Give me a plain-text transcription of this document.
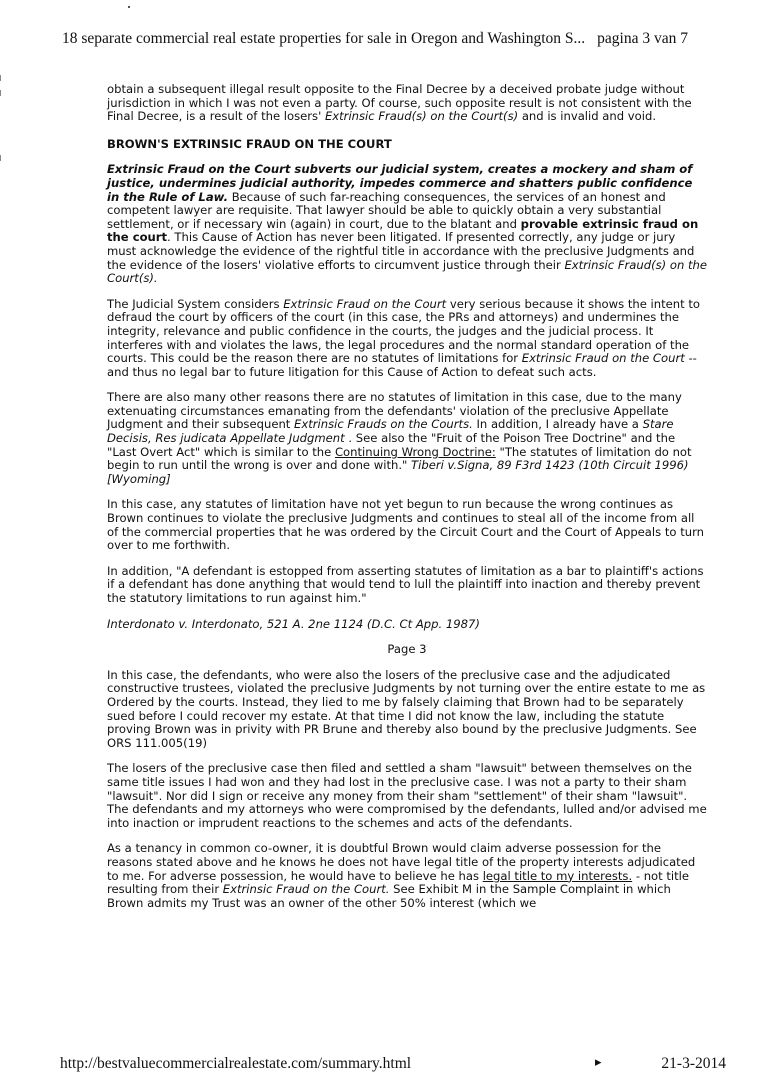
18 separate commercial real estate properties for sale in Oregon and Washington S... pagina 3 van 7

obtain a subsequent illegal result opposite to the Final Decree by a deceived probate judge without jurisdiction in which I was not even a party. Of course, such opposite result is not consistent with the Final Decree, is a result of the losers' Extrinsic Fraud(s) on the Court(s) and is invalid and void.

BROWN'S EXTRINSIC FRAUD ON THE COURT

Extrinsic Fraud on the Court subverts our judicial system, creates a mockery and sham of justice, undermines judicial authority, impedes commerce and shatters public confidence in the Rule of Law. Because of such far-reaching consequences, the services of an honest and competent lawyer are requisite. That lawyer should be able to quickly obtain a very substantial settlement, or if necessary win (again) in court, due to the blatant and provable extrinsic fraud on the court. This Cause of Action has never been litigated. If presented correctly, any judge or jury must acknowledge the evidence of the rightful title in accordance with the preclusive Judgments and the evidence of the losers' violative efforts to circumvent justice through their Extrinsic Fraud(s) on the Court(s).

The Judicial System considers Extrinsic Fraud on the Court very serious because it shows the intent to defraud the court by officers of the court (in this case, the PRs and attorneys) and undermines the integrity, relevance and public confidence in the courts, the judges and the judicial process. It interferes with and violates the laws, the legal procedures and the normal standard operation of the courts. This could be the reason there are no statutes of limitations for Extrinsic Fraud on the Court -- and thus no legal bar to future litigation for this Cause of Action to defeat such acts.

There are also many other reasons there are no statutes of limitation in this case, due to the many extenuating circumstances emanating from the defendants' violation of the preclusive Appellate Judgment and their subsequent Extrinsic Frauds on the Courts. In addition, I already have a Stare Decisis, Res judicata Appellate Judgment . See also the "Fruit of the Poison Tree Doctrine" and the "Last Overt Act" which is similar to the Continuing Wrong Doctrine: "The statutes of limitation do not begin to run until the wrong is over and done with." Tiberi v.Signa, 89 F3rd 1423 (10th Circuit 1996) [Wyoming]

In this case, any statutes of limitation have not yet begun to run because the wrong continues as Brown continues to violate the preclusive Judgments and continues to steal all of the income from all of the commercial properties that he was ordered by the Circuit Court and the Court of Appeals to turn over to me forthwith.

In addition, "A defendant is estopped from asserting statutes of limitation as a bar to plaintiff's actions if a defendant has done anything that would tend to lull the plaintiff into inaction and thereby prevent the statutory limitations to run against him."

Interdonato v. Interdonato, 521 A. 2ne 1124 (D.C. Ct App. 1987)

Page 3

In this case, the defendants, who were also the losers of the preclusive case and the adjudicated constructive trustees, violated the preclusive Judgments by not turning over the entire estate to me as Ordered by the courts. Instead, they lied to me by falsely claiming that Brown had to be separately sued before I could recover my estate. At that time I did not know the law, including the statute proving Brown was in privity with PR Brune and thereby also bound by the preclusive Judgments. See ORS 111.005(19)

The losers of the preclusive case then filed and settled a sham "lawsuit" between themselves on the same title issues I had won and they had lost in the preclusive case. I was not a party to their sham "lawsuit". Nor did I sign or receive any money from their sham "settlement" of their sham "lawsuit". The defendants and my attorneys who were compromised by the defendants, lulled and/or advised me into inaction or imprudent reactions to the schemes and acts of the defendants.

As a tenancy in common co-owner, it is doubtful Brown would claim adverse possession for the reasons stated above and he knows he does not have legal title of the property interests adjudicated to me. For adverse possession, he would have to believe he has legal title to my interests. - not title resulting from their Extrinsic Fraud on the Court. See Exhibit M in the Sample Complaint in which Brown admits my Trust was an owner of the other 50% interest (which we

http://bestvaluecommercialrealestate.com/summary.html	▸	21-3-2014
